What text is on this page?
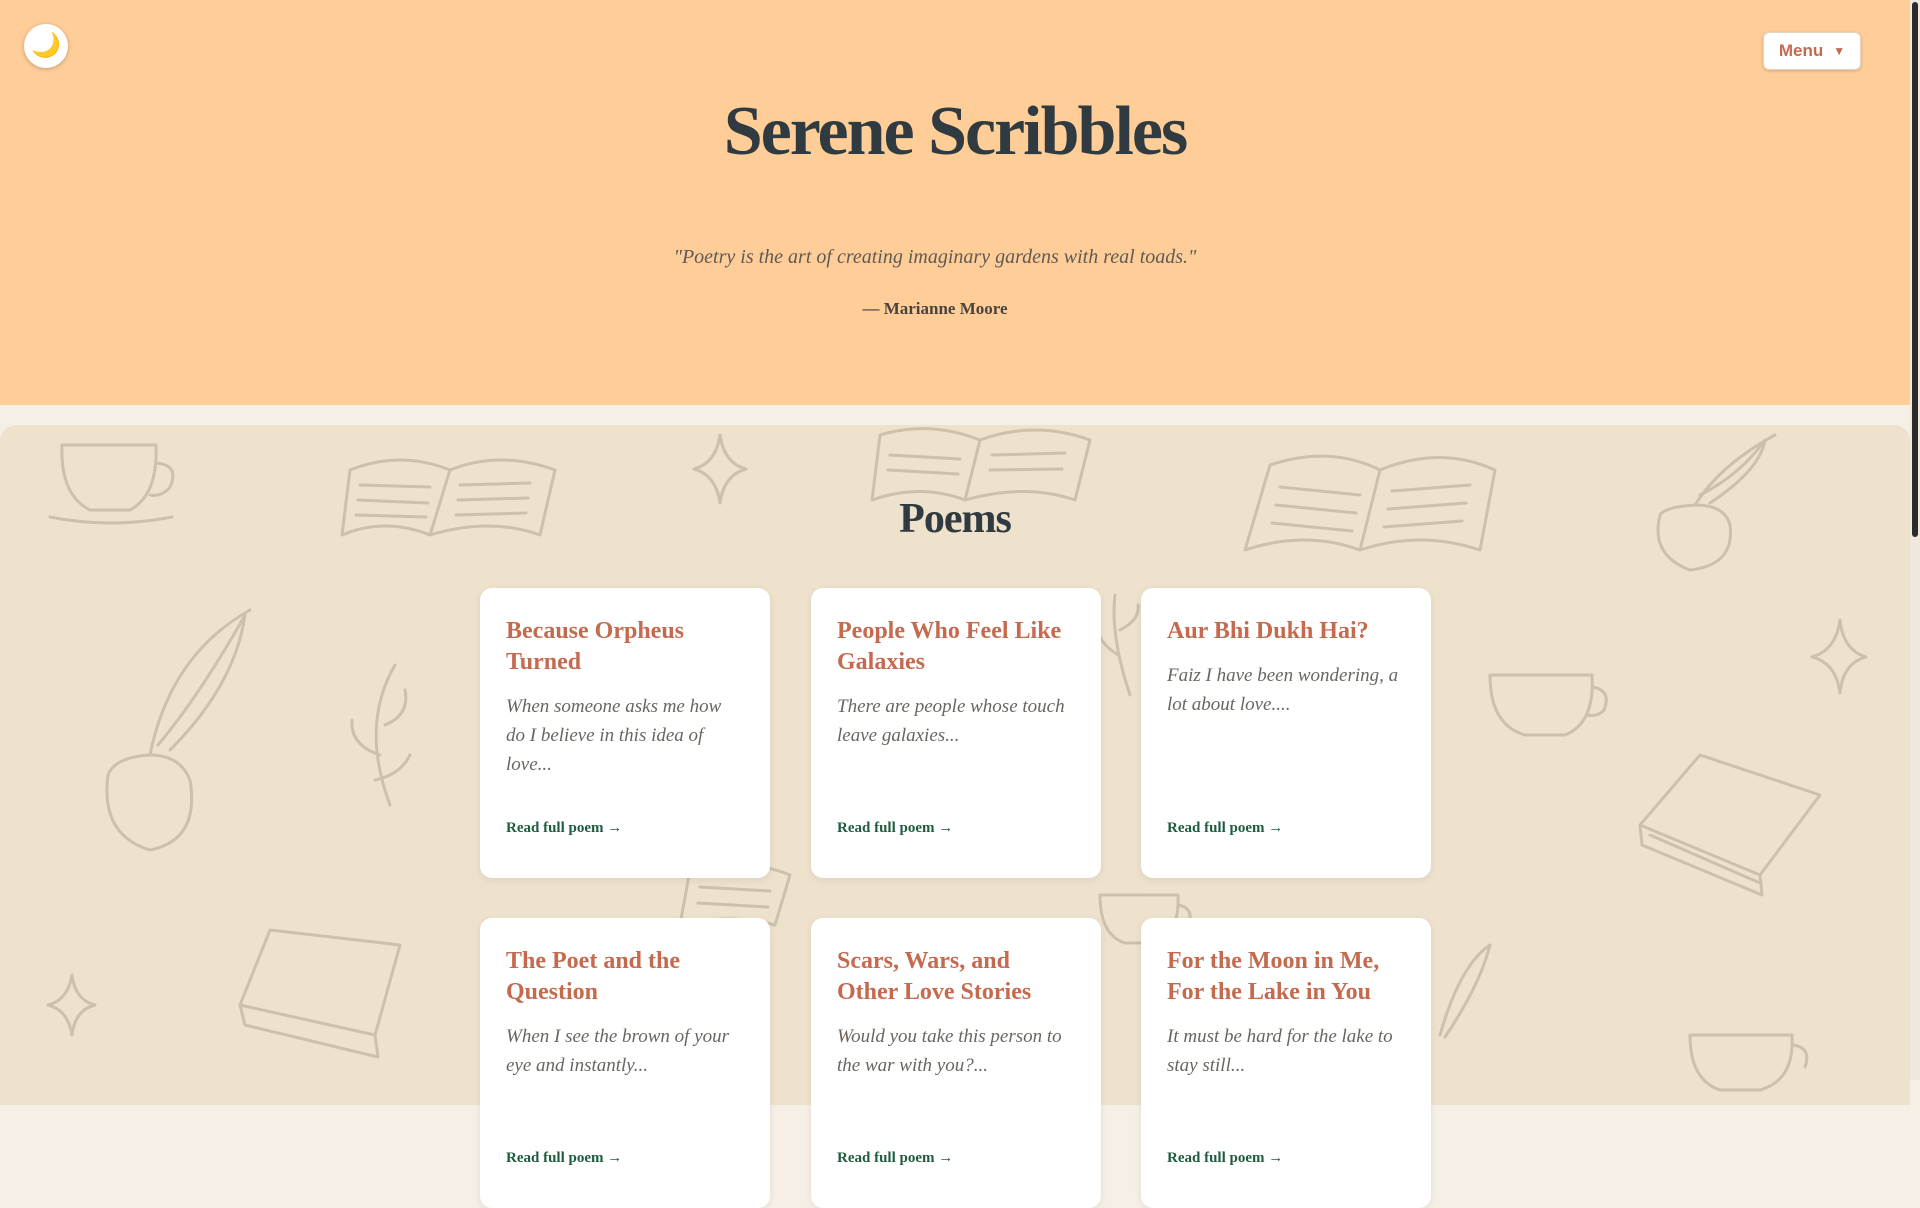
🌙	Menu ▼
Serene Scribbles

"Poetry is the art of creating imaginary gardens with real toads."

— Marianne Moore

Poems
Because Orpheus Turned

When someone asks me how do I believe in this idea of love...

Read full poem →
People Who Feel Like Galaxies

There are people whose touch leave galaxies...

Read full poem →
Aur Bhi Dukh Hai?

Faiz I have been wondering, a lot about love....

Read full poem →
The Poet and the Question

When I see the brown of your eye and instantly...

Read full poem →
Scars, Wars, and Other Love Stories

Would you take this person to the war with you?...

Read full poem →
For the Moon in Me, For the Lake in You

It must be hard for the lake to stay still...

Read full poem →
